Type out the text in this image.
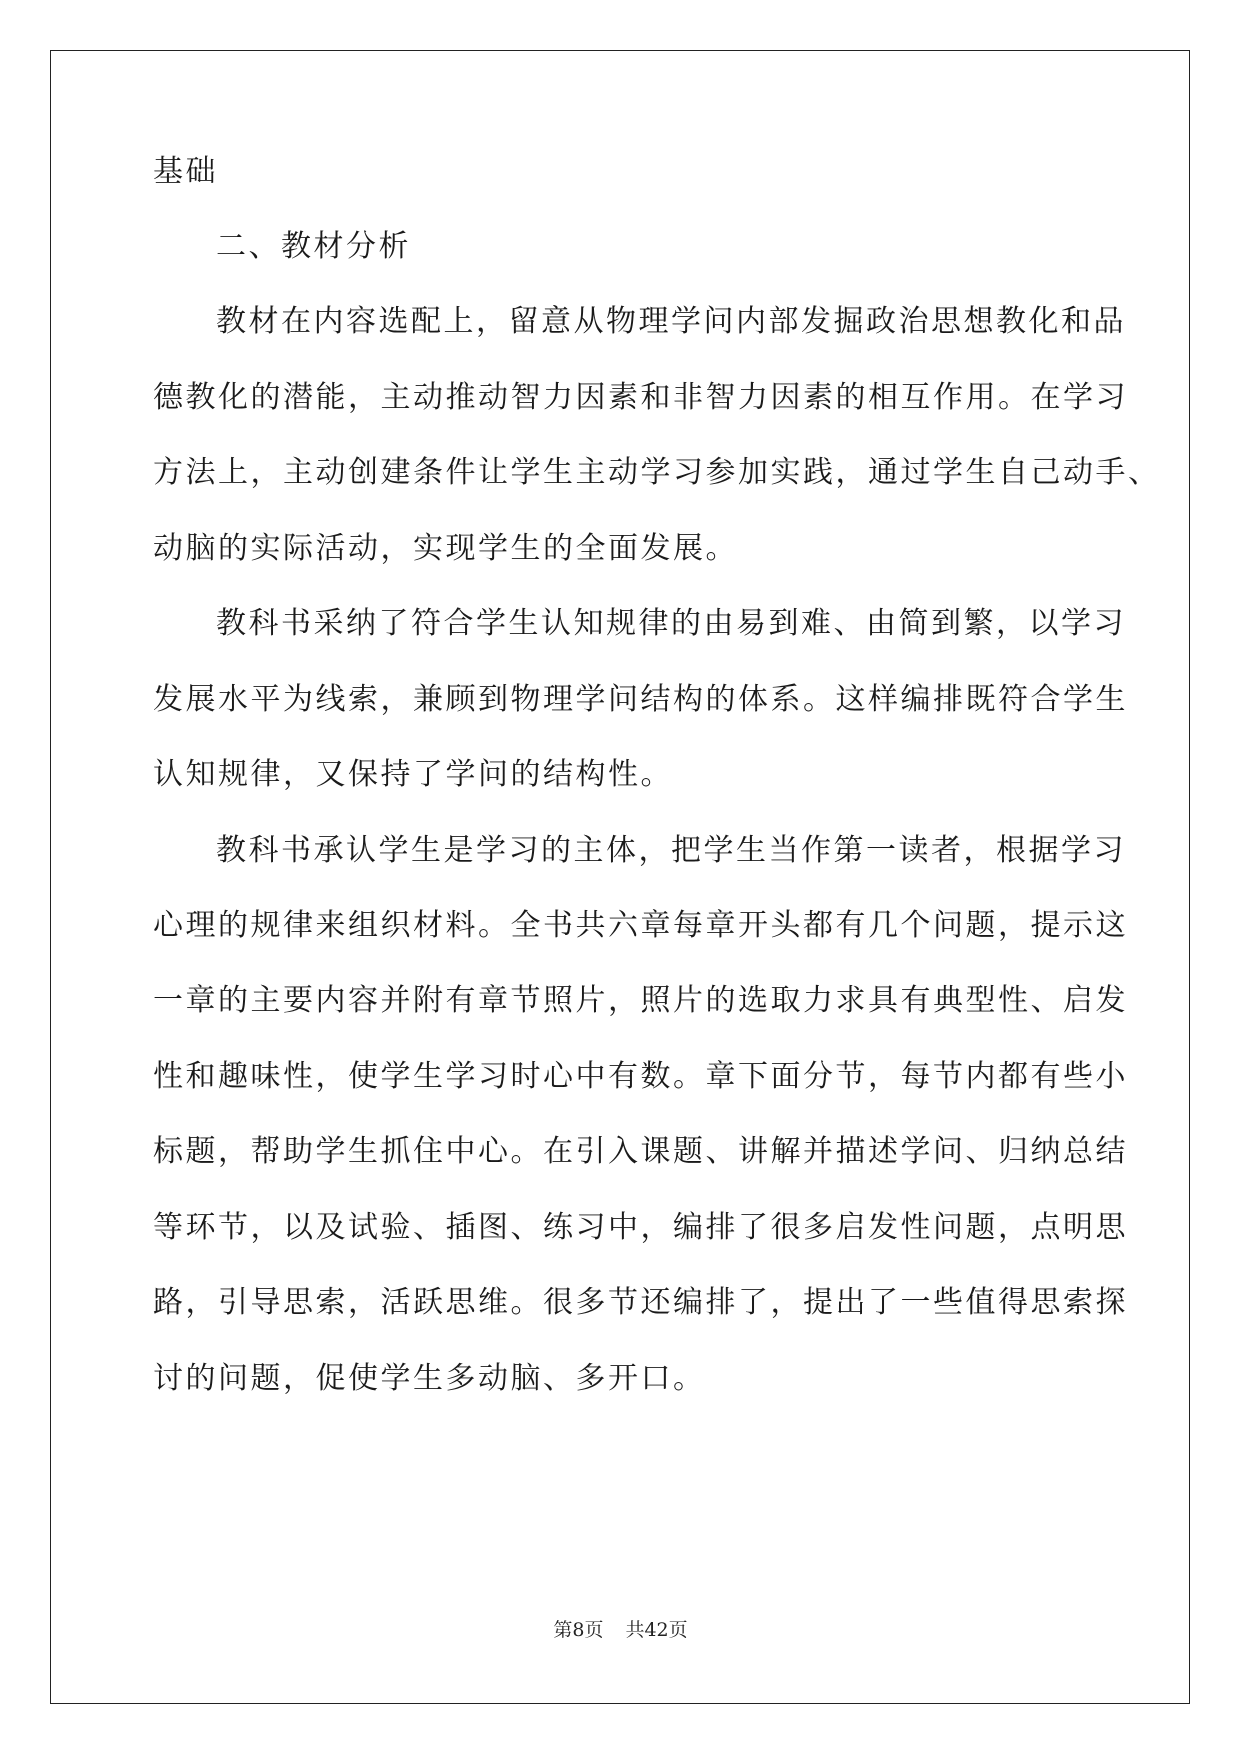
基础
二、教材分析
教材在内容选配上，留意从物理学问内部发掘政治思想教化和品
德教化的潜能，主动推动智力因素和非智力因素的相互作用。在学习
方法上，主动创建条件让学生主动学习参加实践，通过学生自己动手、
动脑的实际活动，实现学生的全面发展。
教科书采纳了符合学生认知规律的由易到难、由简到繁，以学习
发展水平为线索，兼顾到物理学问结构的体系。这样编排既符合学生
认知规律，又保持了学问的结构性。
教科书承认学生是学习的主体，把学生当作第一读者，根据学习
心理的规律来组织材料。全书共六章每章开头都有几个问题，提示这
一章的主要内容并附有章节照片，照片的选取力求具有典型性、启发
性和趣味性，使学生学习时心中有数。章下面分节，每节内都有些小
标题，帮助学生抓住中心。在引入课题、讲解并描述学问、归纳总结
等环节，以及试验、插图、练习中，编排了很多启发性问题，点明思
路，引导思索，活跃思维。很多节还编排了，提出了一些值得思索探
讨的问题，促使学生多动脑、多开口。
第8页 共42页
